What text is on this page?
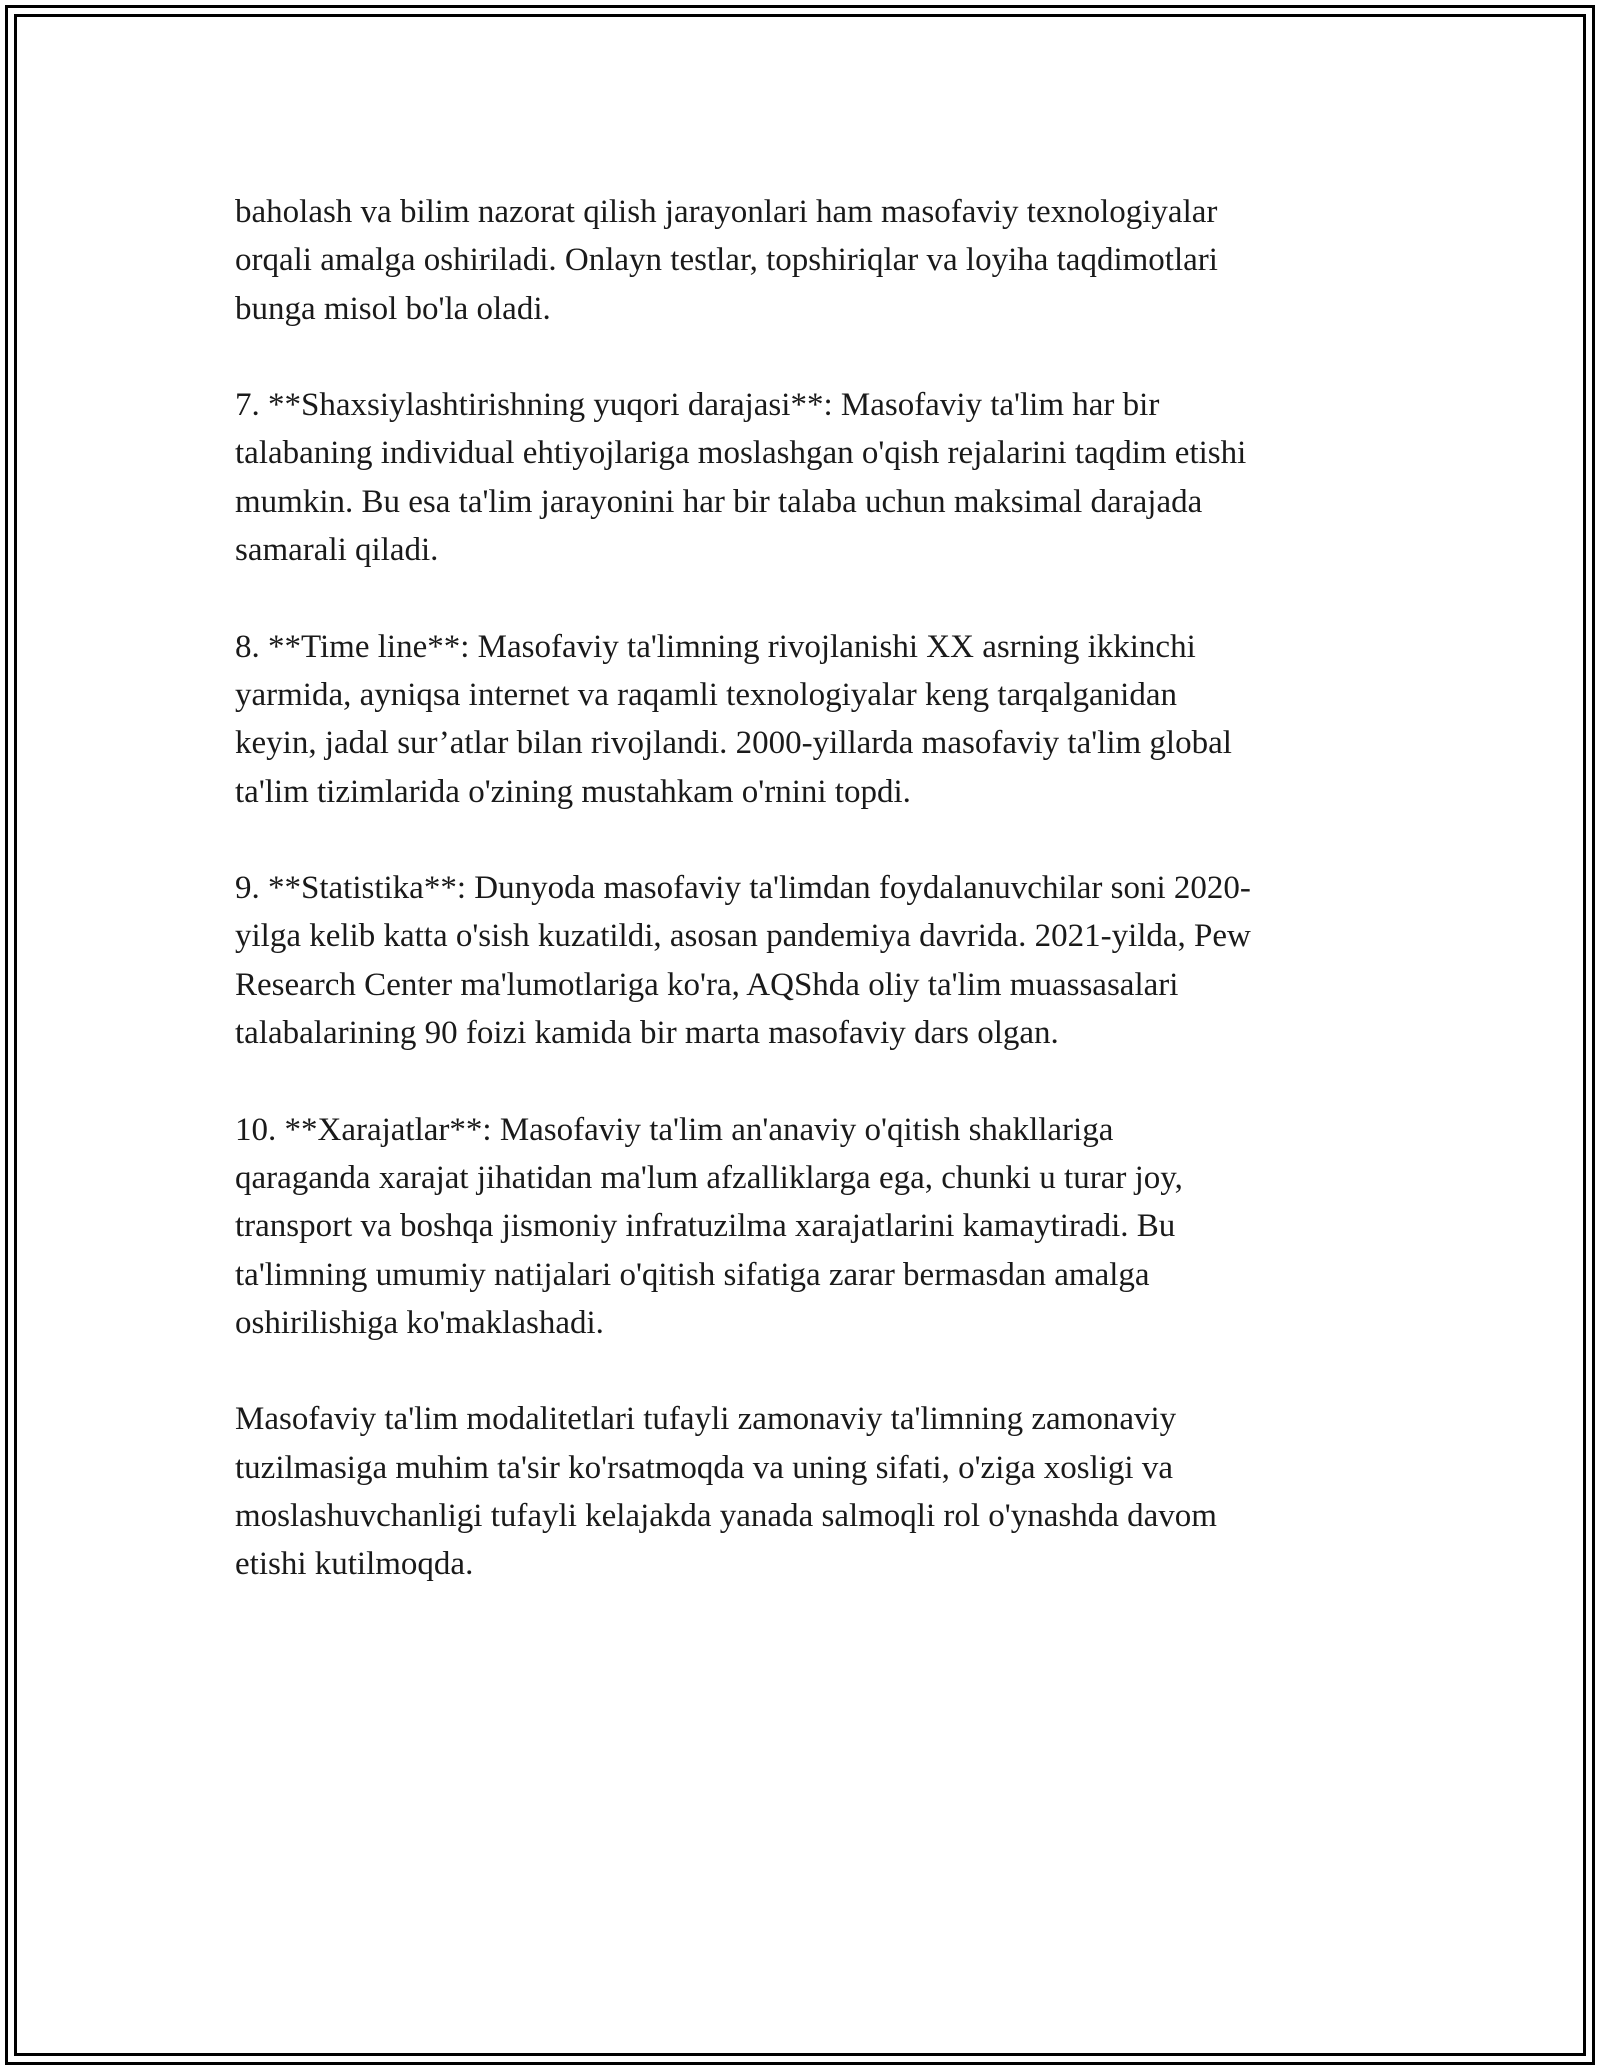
baholash va bilim nazorat qilish jarayonlari ham masofaviy texnologiyalar
orqali amalga oshiriladi. Onlayn testlar, topshiriqlar va loyiha taqdimotlari
bunga misol bo'la oladi.

7. **Shaxsiylashtirishning yuqori darajasi**: Masofaviy ta'lim har bir
talabaning individual ehtiyojlariga moslashgan o'qish rejalarini taqdim etishi
mumkin. Bu esa ta'lim jarayonini har bir talaba uchun maksimal darajada
samarali qiladi.

8. **Time line**: Masofaviy ta'limning rivojlanishi XX asrning ikkinchi
yarmida, ayniqsa internet va raqamli texnologiyalar keng tarqalganidan
keyin, jadal sur’atlar bilan rivojlandi. 2000-yillarda masofaviy ta'lim global
ta'lim tizimlarida o'zining mustahkam o'rnini topdi.

9. **Statistika**: Dunyoda masofaviy ta'limdan foydalanuvchilar soni 2020-
yilga kelib katta o'sish kuzatildi, asosan pandemiya davrida. 2021-yilda, Pew
Research Center ma'lumotlariga ko'ra, AQShda oliy ta'lim muassasalari
talabalarining 90 foizi kamida bir marta masofaviy dars olgan.

10. **Xarajatlar**: Masofaviy ta'lim an'anaviy o'qitish shakllariga
qaraganda xarajat jihatidan ma'lum afzalliklarga ega, chunki u turar joy,
transport va boshqa jismoniy infratuzilma xarajatlarini kamaytiradi. Bu
ta'limning umumiy natijalari o'qitish sifatiga zarar bermasdan amalga
oshirilishiga ko'maklashadi.

Masofaviy ta'lim modalitetlari tufayli zamonaviy ta'limning zamonaviy
tuzilmasiga muhim ta'sir ko'rsatmoqda va uning sifati, o'ziga xosligi va
moslashuvchanligi tufayli kelajakda yanada salmoqli rol o'ynashda davom
etishi kutilmoqda.
